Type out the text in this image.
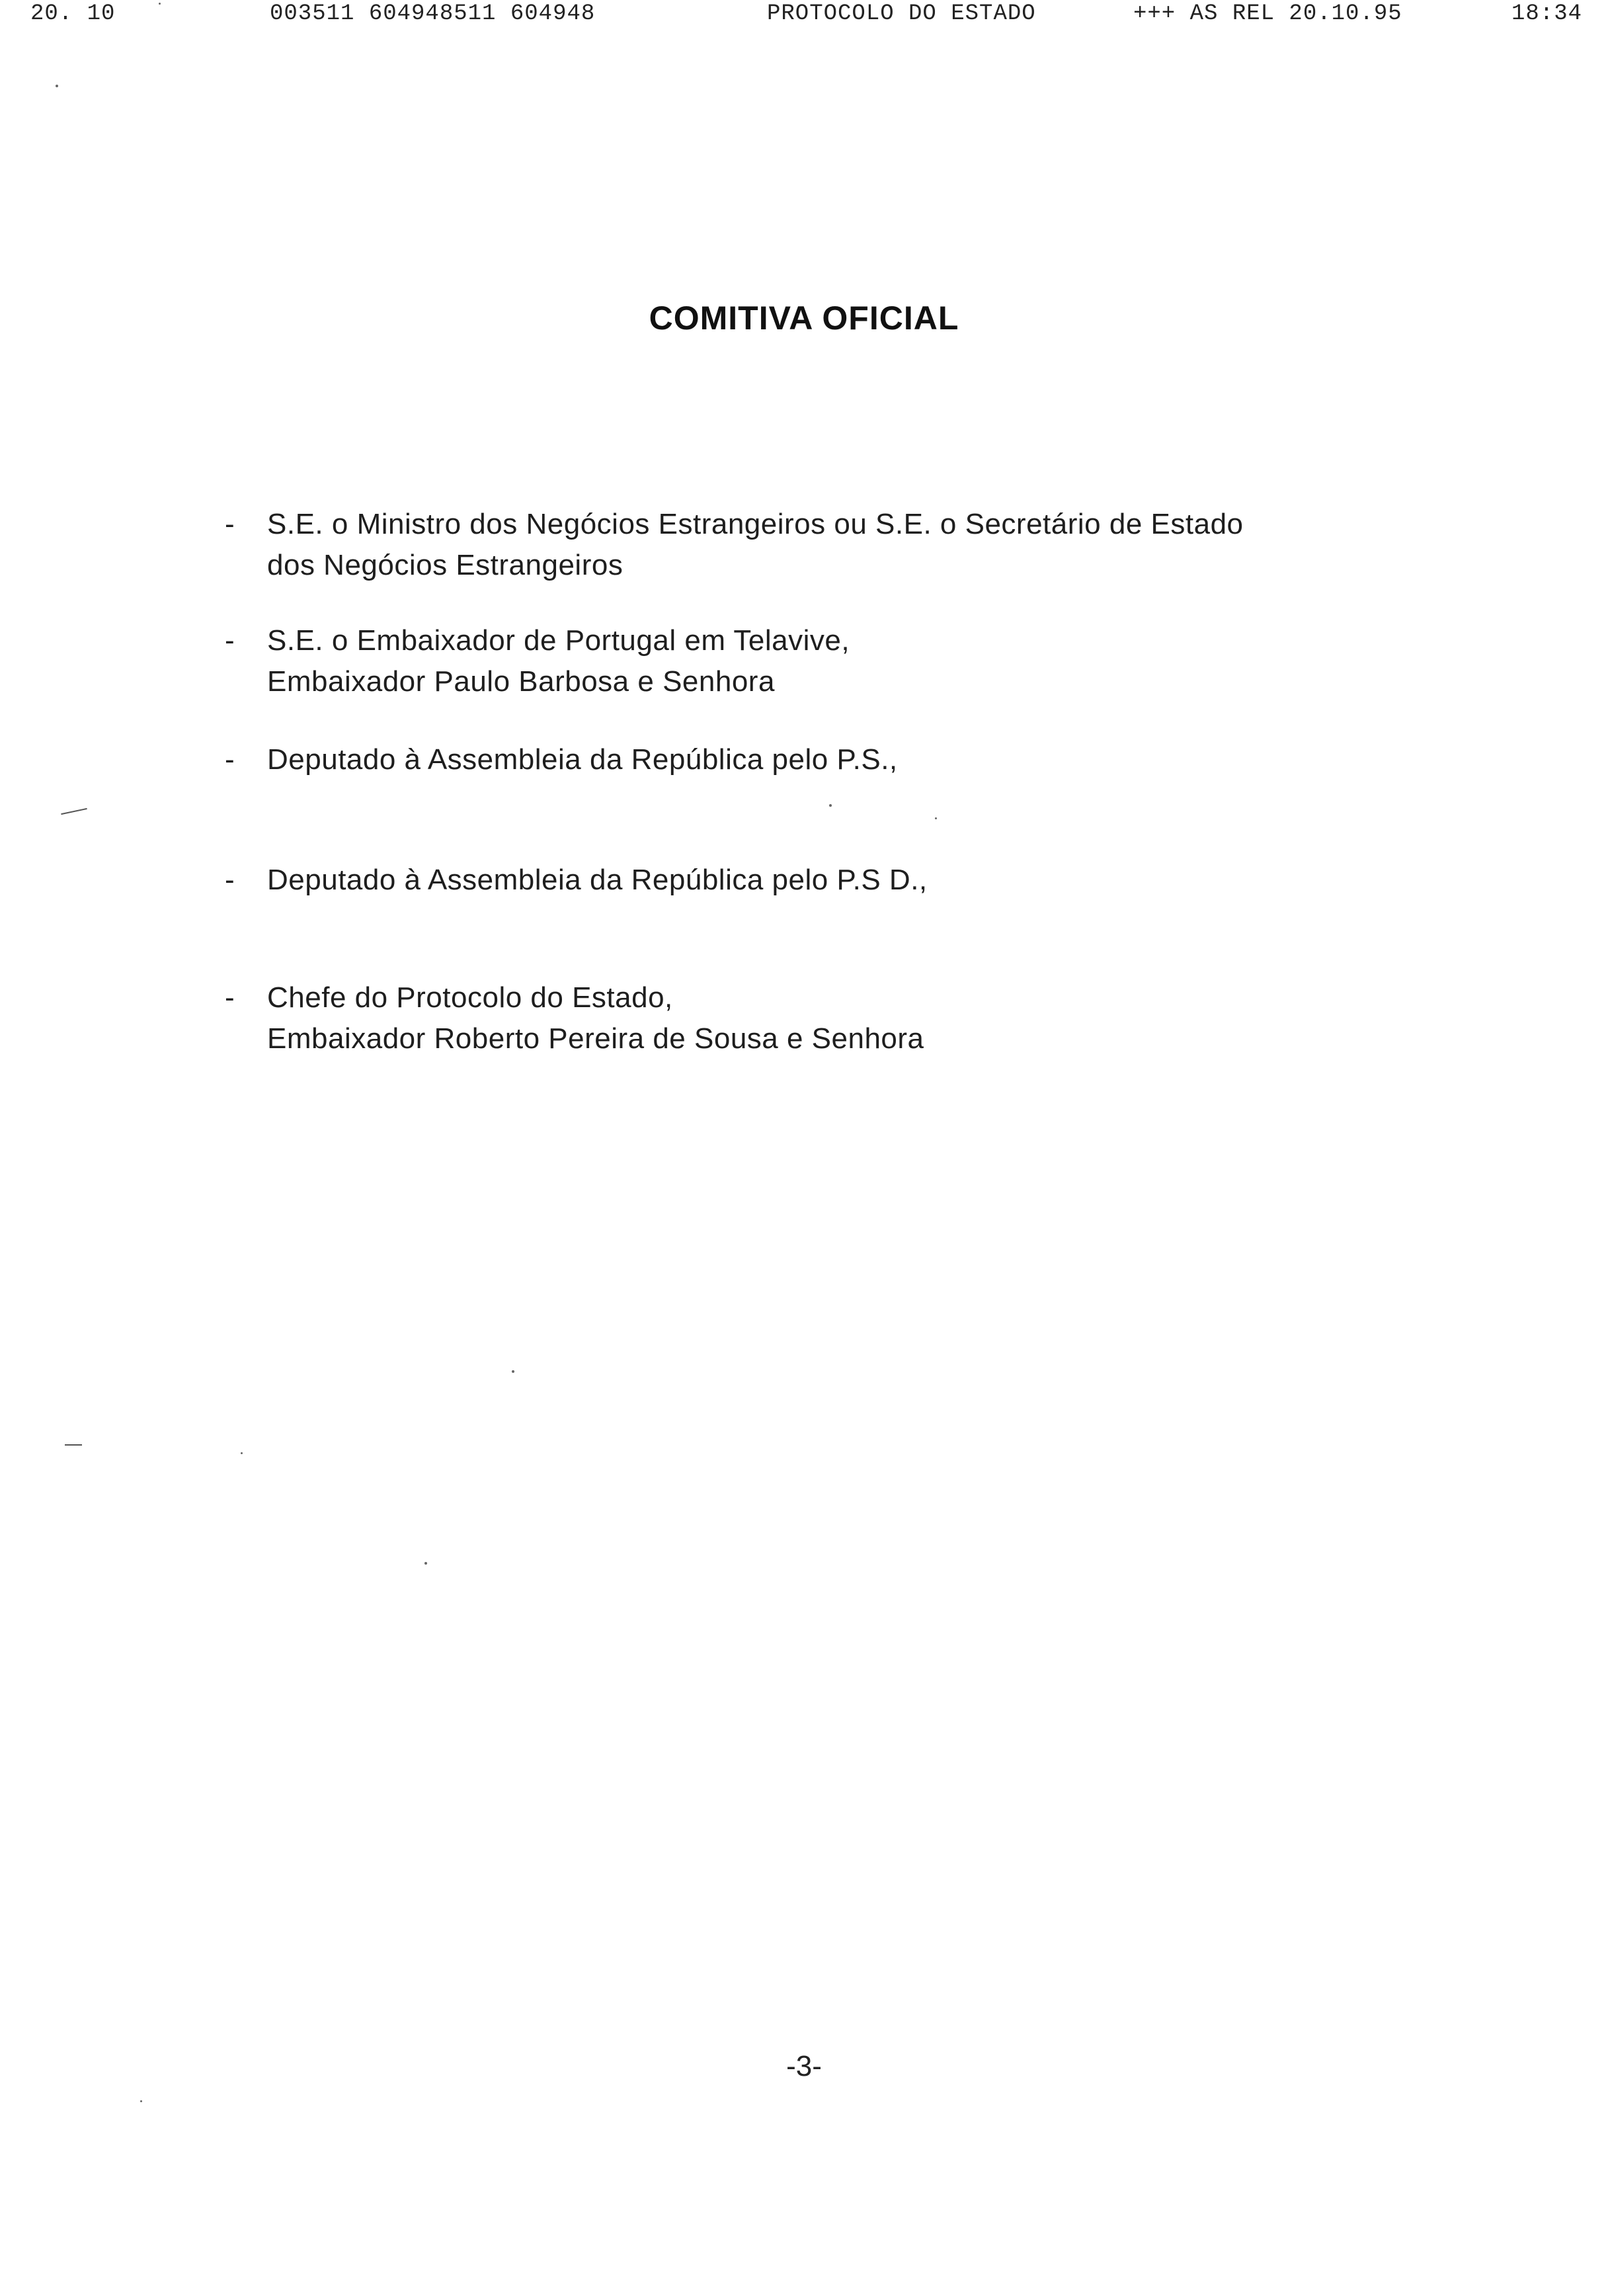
20. 10	003511 604948511 604948	PROTOCOLO DO ESTADO	+++ AS REL 20.10.95	18:34
COMITIVA OFICIAL
-	S.E. o Ministro dos Negócios Estrangeiros ou S.E. o Secretário de Estado
dos Negócios Estrangeiros
-	S.E. o Embaixador de Portugal em Telavive,
Embaixador Paulo Barbosa e Senhora
-	Deputado à Assembleia da República pelo P.S.,
-	Deputado à Assembleia da República pelo P.S D.,
-	Chefe do Protocolo do Estado,
Embaixador Roberto Pereira de Sousa e Senhora
-3-
